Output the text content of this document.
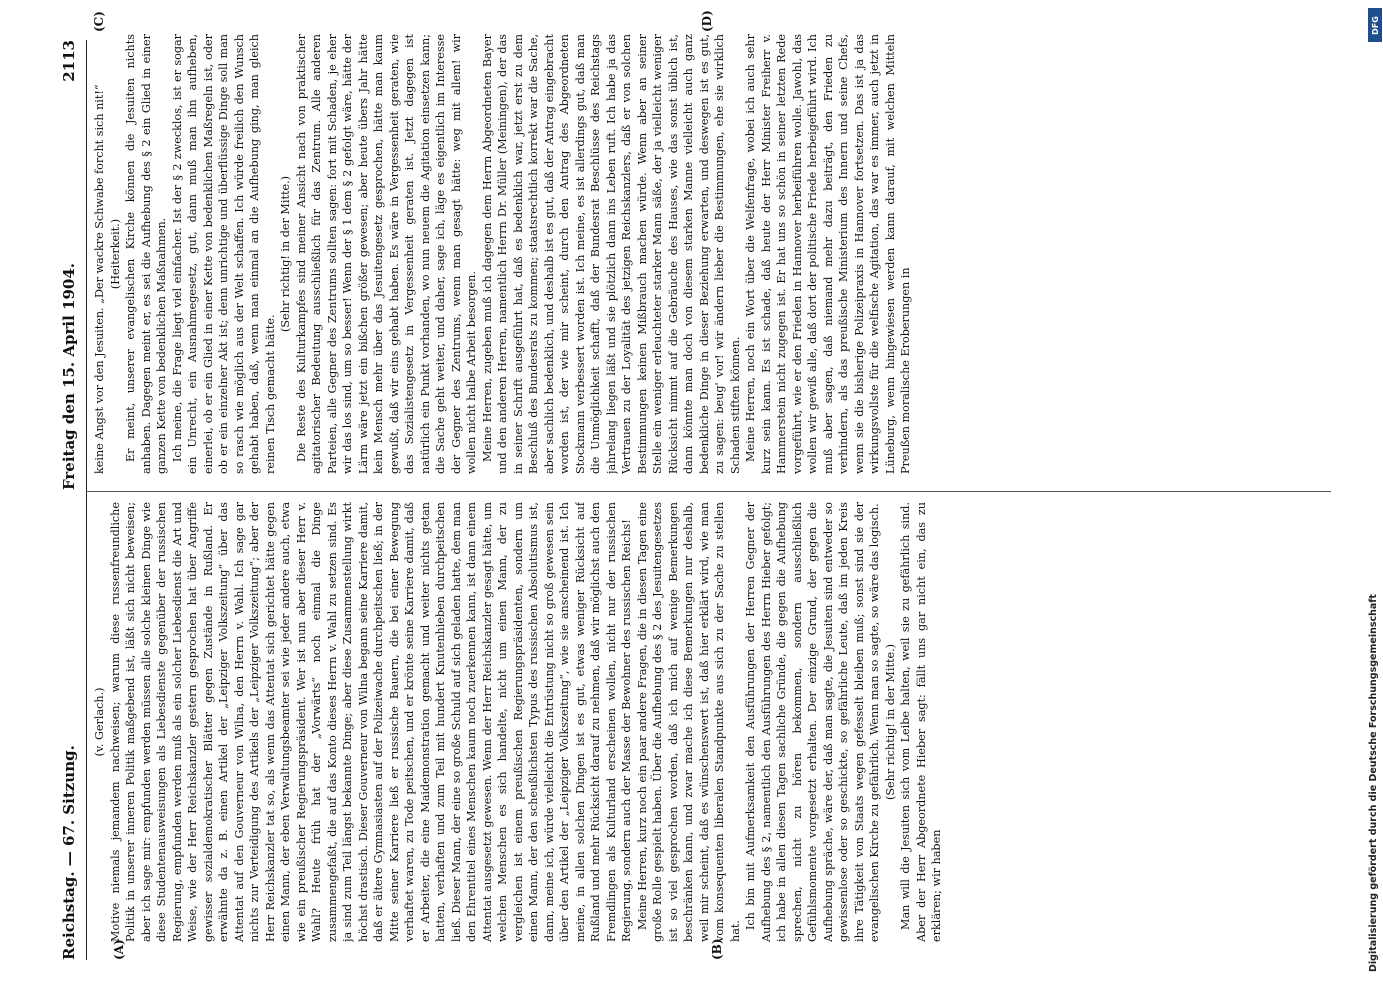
Reichstag. — 67. Sitzung.
Freitag den 15. April 1904.
2113
(A)	(B)
(C)	(D)

(v. Gerlach.) Motive niemals jemandem nachweisen; warum diese russenfreundliche Politik in unserer inneren Politik maßgebend ist, läßt sich nicht beweisen; aber ich sage mir: empfunden werden müssen alle solche kleinen Dinge wie diese Studentenausweisungen als Liebesdienste gegenüber der russischen Regierung, empfunden werden muß als ein solcher Liebesdienst die Art und Weise, wie der Herr Reichskanzler gestern gesprochen hat über Angriffe gewisser sozialdemokratischer Blätter gegen Zustände in Rußland. Er erwähnte da z. B. einen Artikel der „Leipziger Volkszeitung“ über das Attentat auf den Gouverneur von Wilna, den Herrn v. Wahl. Ich sage gar nichts zur Verteidigung des Artikels der „Leipziger Volkszeitung“; aber der Herr Reichskanzler tat so, als wenn das Attentat sich gerichtet hätte gegen einen Mann, der eben Verwaltungsbeamter sei wie jeder andere auch, etwa wie ein preußischer Regierungspräsident. Wer ist nun aber dieser Herr v. Wahl? Heute früh hat der „Vorwärts“ noch einmal die Dinge zusammengefaßt, die auf das Konto dieses Herrn v. Wahl zu setzen sind. Es ja sind zum Teil längst bekannte Dinge; aber diese Zusammenstellung wirkt höchst drastisch. Dieser Gouverneur von Wilna begann seine Karriere damit, daß er ältere Gymnasiasten auf der Polizeiwache durchpeitschen ließ; in der Mitte seiner Karriere ließ er russische Bauern, die bei einer Bewegung verhaftet waren, zu Tode peitschen, und er krönte seine Karriere damit, daß er Arbeiter, die eine Maidemonstration gemacht und weiter nichts getan hatten, verhaften und zum Teil mit hundert Knutenhieben durchpeitschen ließ. Dieser Mann, der eine so große Schuld auf sich geladen hatte, dem man den Ehrentitel eines Menschen kaum noch zuerkennen kann, ist dann einem Attentat ausgesetzt gewesen. Wenn der Herr Reichskanzler gesagt hätte, um welchen Menschen es sich handelte, nicht um einen Mann, der zu vergleichen ist einem preußischen Regierungspräsidenten, sondern um einen Mann, der den scheußlichsten Typus des russischen Absolutismus ist, dann, meine ich, würde vielleicht die Entrüstung nicht so groß gewesen sein über den Artikel der „Leipziger Volkszeitung“, wie sie anscheinend ist. Ich meine, in allen solchen Dingen ist es gut, etwas weniger Rücksicht auf Rußland und mehr Rücksicht darauf zu nehmen, daß wir möglichst auch den Fremdlingen als Kulturland erscheinen wollen, nicht nur der russischen Regierung, sondern auch der Masse der Bewohner des russischen Reichs! Meine Herren, kurz noch ein paar andere Fragen, die in diesen Tagen eine große Rolle gespielt haben. Über die Aufhebung des § 2 des Jesuitengesetzes ist so viel gesprochen worden, daß ich mich auf wenige Bemerkungen beschränken kann, und zwar mache ich diese Bemerkungen nur deshalb, weil mir scheint, daß es wünschenswert ist, daß hier erklärt wird, wie man vom konsequenten liberalen Standpunkte aus sich zu der Sache zu stellen hat.

Ich bin mit Aufmerksamkeit den Ausführungen der Herren Gegner der Aufhebung des § 2, namentlich den Ausführungen des Herrn Hieber gefolgt; ich habe in allen diesen Tagen sachliche Gründe, die gegen die Aufhebung sprechen, nicht zu hören bekommen, sondern ausschließlich Gefühlsmomente vorgesetzt erhalten. Der einzige Grund, der gegen die Aufhebung spräche, wäre der, daß man sagte, die Jesuiten sind entweder so gewissenlose oder so geschickte, so gefährliche Leute, daß im jeden Kreis ihre Tätigkeit von Staats wegen gefesselt bleiben muß; sonst sind sie der evangelischen Kirche zu gefährlich. Wenn man so sagte, so wäre das logisch. (Sehr richtig! in der Mitte.) Man will die Jesuiten sich vom Leibe halten, weil sie zu gefährlich sind. Aber der Herr Abgeordnete Hieber sagt: fällt uns gar nicht ein, das zu erklären; wir haben

keine Angst vor den Jesuiten. „Der wackre Schwabe forcht sich nit!“ (Heiterkeit.) Er meint, unserer evangelischen Kirche können die Jesuiten nichts anhaben. Dagegen meint er, es sei die Aufhebung des § 2 ein Glied in einer ganzen Kette von bedenklichen Maßnahmen. Ich meine, die Frage liegt viel einfacher. Ist der § 2 zwecklos, ist er sogar ein Unrecht, ein Ausnahmegesetz, gut, dann muß man ihn aufheben, einerlei, ob er ein Glied in einer Kette von bedenklichen Maßregeln ist, oder ob er ein einzelner Akt ist; denn unrichtige und überflüssige Dinge soll man so rasch wie möglich aus der Welt schaffen. Ich würde freilich den Wunsch gehabt haben, daß, wenn man einmal an die Aufhebung ging, man gleich reinen Tisch gemacht hätte.

(Sehr richtig! in der Mitte.) Die Reste des Kulturkampfes sind meiner Ansicht nach von praktischer agitatorischer Bedeutung ausschließlich für das Zentrum. Alle anderen Parteien, alle Gegner des Zentrums sollten sagen: fort mit Schaden, je eher wir das los sind, um so besser! Wenn der § 1 dem § 2 gefolgt wäre, hätte der Lärm wäre jetzt ein bißchen größer gewesen; aber heute übers Jahr hätte kein Mensch mehr über das Jesuitengesetz gesprochen, hätte man kaum gewußt, daß wir eins gehabt haben. Es wäre in Vergessenheit geraten, wie das Sozialistengesetz in Vergessenheit geraten ist. Jetzt dagegen ist natürlich ein Punkt vorhanden, wo nun neuem die Agitation einsetzen kann; die Sache geht weiter, und daher, sage ich, läge es eigentlich im Interesse der Gegner des Zentrums, wenn man gesagt hätte: weg mit allem! wir wollen nicht halbe Arbeit besorgen. Meine Herren, zugeben muß ich dagegen dem Herrn Abgeordneten Bayer und den anderen Herren, namentlich Herrn Dr. Müller (Meiningen), der das in seiner Schrift ausgeführt hat, daß es bedenklich war, jetzt erst zu dem Beschluß des Bundesrats zu kommen; staatsrechtlich korrekt war die Sache, aber sachlich bedenklich, und deshalb ist es gut, daß der Antrag eingebracht worden ist, der wie mir scheint, durch den Antrag des Abgeordneten Stockmann verbessert worden ist. Ich meine, es ist allerdings gut, daß man die Unmöglichkeit schafft, daß der Bundesrat Beschlüsse des Reichstags jahrelang liegen läßt und sie plötzlich dann ins Leben ruft. Ich habe ja das Vertrauen zu der Loyalität des jetzigen Reichskanzlers, daß er von solchen Bestimmungen keinen Mißbrauch machen würde. Wenn aber an seiner Stelle ein weniger erleuchteter starker Mann säße, der ja vielleicht weniger Rücksicht nimmt auf die Gebräuche des Hauses, wie das sonst üblich ist, dann könnte man doch von diesem starken Manne vielleicht auch ganz bedenkliche Dinge in dieser Beziehung erwarten, und deswegen ist es gut, zu sagen: beug' vor! wir ändern lieber die Bestimmungen, ehe sie wirklich Schaden stiften können. Meine Herren, noch ein Wort über die Welfenfrage, wobei ich auch sehr kurz sein kann. Es ist schade, daß heute der Herr Minister Freiherr v. Hammerstein nicht zugegen ist. Er hat uns so schön in seiner letzten Rede vorgeführt, wie er den Frieden in Hannover herbeiführen wolle. Jawohl, das wollen wir gewiß alle, daß dort der politische Friede herbeigeführt wird. Ich muß aber sagen, daß niemand mehr dazu beiträgt, den Frieden zu verhindern, als das preußische Ministerium des Innern und seine Chefs, wenn sie die bisherige Polizeipraxis in Hannover fortsetzen. Das ist ja das wirkungsvollste für die welfische Agitation, das war es immer, auch jetzt in Lüneburg, wenn hingewiesen werden kann darauf, mit welchen Mitteln Preußen moralische Eroberungen in

DFG
Digitalisierung gefördert durch die Deutsche Forschungsgemeinschaft
